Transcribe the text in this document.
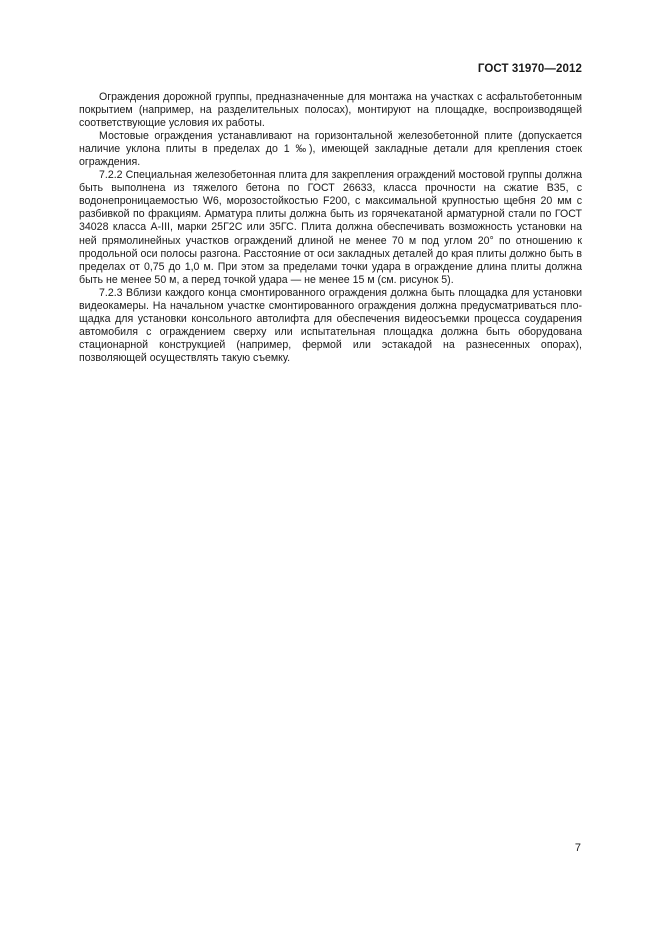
ГОСТ 31970—2012

Ограждения дорожной группы, предназначенные для монтажа на участках с асфальтобетонным покрытием (например, на разделительных полосах), монтируют на площадке, воспроизводящей соответствующие условия их работы.

Мостовые ограждения устанавливают на горизонтальной железобетонной плите (допускается наличие уклона плиты в пределах до 1 ‰), имеющей закладные детали для крепления стоек ограждения.

7.2.2 Специальная железобетонная плита для закрепления ограждений мостовой группы должна быть выполнена из тяжелого бетона по ГОСТ 26633, класса прочности на сжатие В35, с водонепроницаемостью W6, морозостойкостью F200, с максимальной крупностью щебня 20 мм с разбивкой по фракциям. Арматура плиты должна быть из горячекатаной арматурной стали по ГОСТ 34028 класса A-III, марки 25Г2С или 35ГС. Плита должна обеспечивать возможность установки на ней прямолинейных участков ограждений длиной не менее 70 м под углом 20° по отношению к продольной оси полосы разгона. Расстояние от оси закладных деталей до края плиты должно быть в пределах от 0,75 до 1,0 м. При этом за пределами точки удара в ограждение длина плиты должна быть не менее 50 м, а перед точкой удара — не менее 15 м (см. рисунок 5).

7.2.3 Вблизи каждого конца смонтированного ограждения должна быть площадка для установки видеокамеры. На начальном участке смонтированного ограждения должна предусматриваться площадка для установки консольного автолифта для обеспечения видеосъемки процесса соударения автомобиля с ограждением сверху или испытательная площадка должна быть оборудована стационарной конструкцией (например, фермой или эстакадой на разнесенных опорах), позволяющей осуществлять такую съемку.

7
